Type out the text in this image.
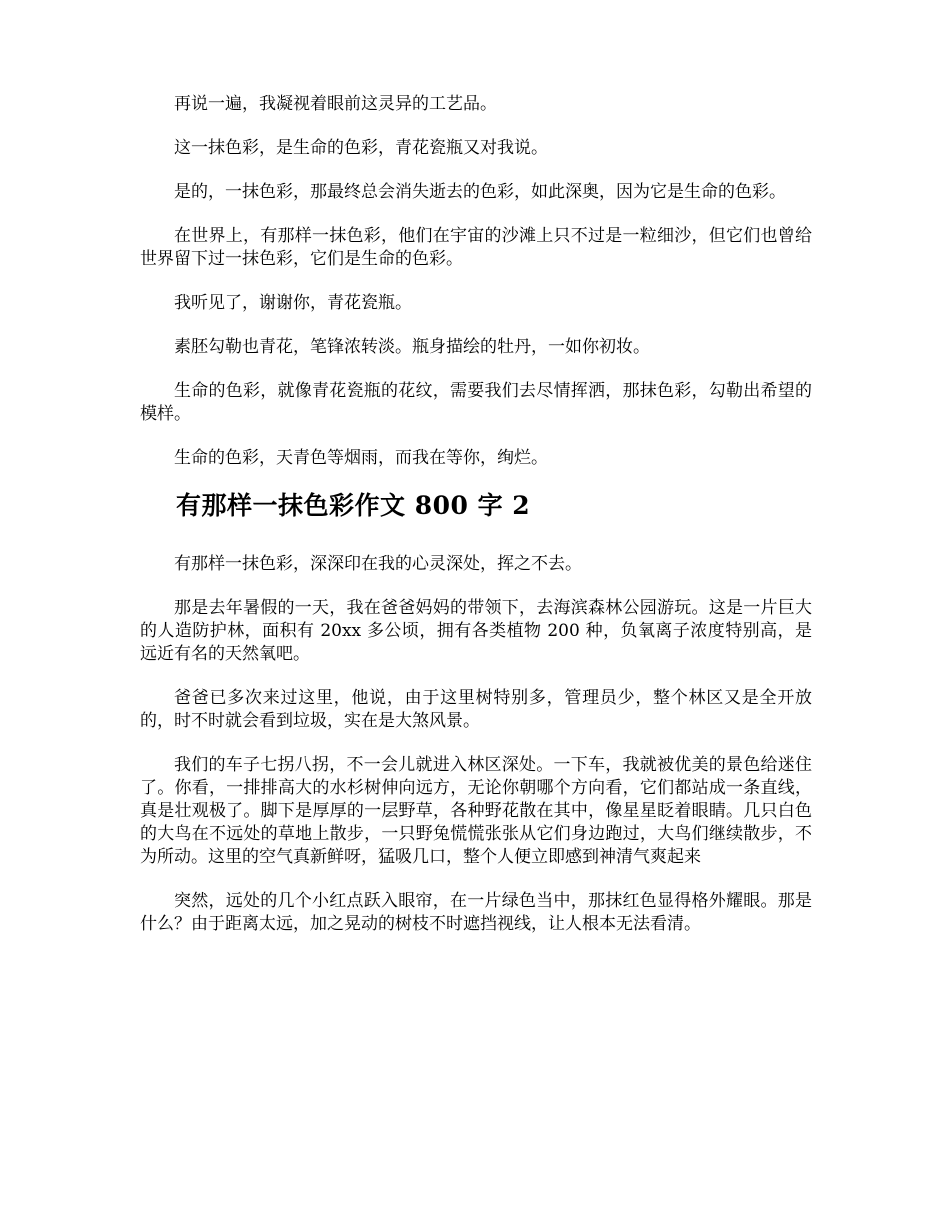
再说一遍，我凝视着眼前这灵异的工艺品。

这一抹色彩，是生命的色彩，青花瓷瓶又对我说。

是的，一抹色彩，那最终总会消失逝去的色彩，如此深奥，因为它是生命的色彩。

在世界上，有那样一抹色彩，他们在宇宙的沙滩上只不过是一粒细沙，但它们也曾给世界留下过一抹色彩，它们是生命的色彩。

我听见了，谢谢你，青花瓷瓶。

素胚勾勒也青花，笔锋浓转淡。瓶身描绘的牡丹，一如你初妆。

生命的色彩，就像青花瓷瓶的花纹，需要我们去尽情挥洒，那抹色彩，勾勒出希望的模样。

生命的色彩，天青色等烟雨，而我在等你，绚烂。

有那样一抹色彩作文 800 字 2

有那样一抹色彩，深深印在我的心灵深处，挥之不去。

那是去年暑假的一天，我在爸爸妈妈的带领下，去海滨森林公园游玩。这是一片巨大的人造防护林，面积有 20xx 多公顷，拥有各类植物 200 种，负氧离子浓度特别高，是远近有名的天然氧吧。

爸爸已多次来过这里，他说，由于这里树特别多，管理员少，整个林区又是全开放的，时不时就会看到垃圾，实在是大煞风景。

我们的车子七拐八拐，不一会儿就进入林区深处。一下车，我就被优美的景色给迷住了。你看，一排排高大的水杉树伸向远方，无论你朝哪个方向看，它们都站成一条直线，真是壮观极了。脚下是厚厚的一层野草，各种野花散在其中，像星星眨着眼睛。几只白色的大鸟在不远处的草地上散步，一只野兔慌慌张张从它们身边跑过，大鸟们继续散步，不为所动。这里的空气真新鲜呀，猛吸几口，整个人便立即感到神清气爽起来

突然，远处的几个小红点跃入眼帘，在一片绿色当中，那抹红色显得格外耀眼。那是什么？由于距离太远，加之晃动的树枝不时遮挡视线，让人根本无法看清。
